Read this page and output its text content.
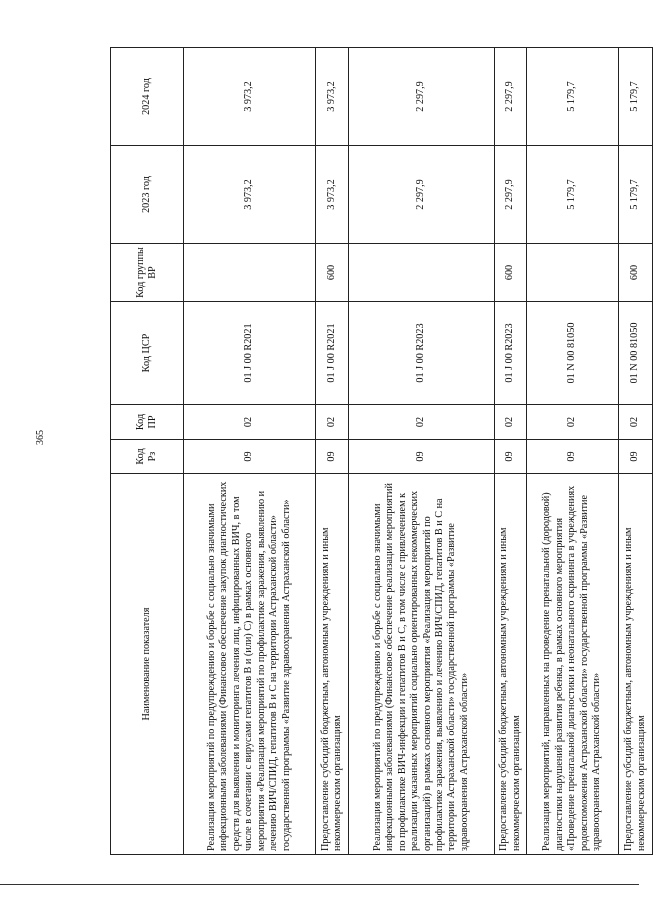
365
Наименование показателя	Код Рз	Код ПР	Код ЦСР	Код группы ВР	2023 год	2024 год
Реализация мероприятий по предупреждению и борьбе с социально значимыми инфекционными заболеваниями (Финансовое обеспечение закупок диагностических средств для выявления и мониторинга лечения лиц, инфицированных ВИЧ, в том числе в сочетании с вирусами гепатитов В и (или) С) в рамках основного мероприятия «Реализация мероприятий по профилактике заражения, выявлению и лечению ВИЧ/СПИД, гепатитов В и С на территории Астраханской области» государственной программы «Развитие здравоохранения Астраханской области»	09	02	01 J 00 R2021		3 973,2	3 973,2
Предоставление субсидий бюджетным, автономным учреждениям и иным некоммерческим организациям	09	02	01 J 00 R2021	600	3 973,2	3 973,2
Реализация мероприятий по предупреждению и борьбе с социально значимыми инфекционными заболеваниями (Финансовое обеспечение реализации мероприятий по профилактике ВИЧ-инфекции и гепатитов В и С, в том числе с привлечением к реализации указанных мероприятий социально ориентированных некоммерческих организаций) в рамках основного мероприятия «Реализация мероприятий по профилактике заражения, выявлению и лечению ВИЧ/СПИД, гепатитов В и С на территории Астраханской области» государственной программы «Развитие здравоохранения Астраханской области»	09	02	01 J 00 R2023		2 297,9	2 297,9
Предоставление субсидий бюджетным, автономным учреждениям и иным некоммерческим организациям	09	02	01 J 00 R2023	600	2 297,9	2 297,9
Реализация мероприятий, направленных на проведение пренатальной (дородовой) диагностики нарушений развития ребенка, в рамках основного мероприятия «Проведение пренатальной диагностики и неонатального скрининга в учреждениях родовспоможения Астраханской области» государственной программы «Развитие здравоохранения Астраханской области»	09	02	01 N 00 81050		5 179,7	5 179,7
Предоставление субсидий бюджетным, автономным учреждениям и иным некоммерческим организациям	09	02	01 N 00 81050	600	5 179,7	5 179,7
